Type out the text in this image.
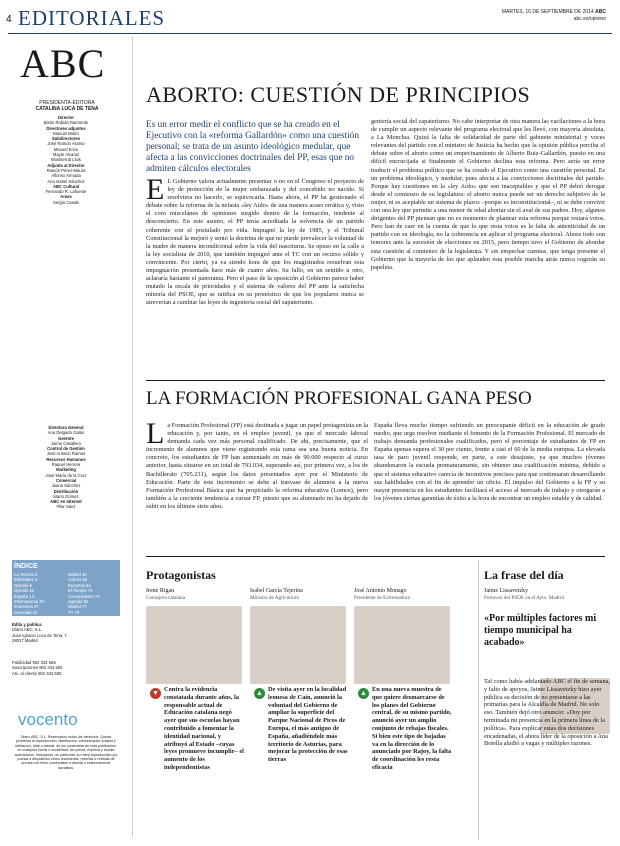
4 EDITORIALES	MARTES, 16 DE SEPTIEMBRE DE 2014 ABC
abc.es/opinion
ABC
PRESIDENTA-EDITORA
CATALINA LUCA DE TENA
Director
Bieito Rubido Ramonde
Directores adjuntos
Manuel Marín
Subdirectores
José Ramón Alonso
Manuel Erice
Mayte Alcaraz
Montserrat Lluis
Adjunta al Director
Ramón Pérez-Maura
Alfonso Armada
Ana Isabel Sánchez
ABC Cultural
Fernando R. Lafuente
Areas
Sergio Casals
Directora General
Ana Delgado Galán
Gerente
Jaime Caballero
Control de Gestión
José Antonio Ramos
Recursos Humanos
Raquel Herrera
Marketing
José María de la Cruz
Comercial
Juana Sánchez
Distribución
Mario Gómez
ABC en Internet
Pilar Sáez
ÍNDICE
La Tercera 3
Editoriales 4
Opinión 6
Opinión 12
España 14
Internacional 30
Economía 37
Sociedad 42
Madrid 46
Cultura 56
Deportes 64
El Tiempo 70
Comunidades 74
Agenda 82
Madrid 77
TV 79
Edita y publica
Diario ABC, S.L.
Juan Ignacio Luca de Tena, 7
28027 Madrid
Publicidad 902 334 556
Suscripciones 902 334 555
Atc. al cliente 902 334 555
vocento
Diario ABC, S.L. Reservados todos los derechos. Queda prohibida la reproducción, distribución, comunicación pública y utilización, total o parcial, de los contenidos de esta publicación, en cualquier forma o modalidad, sin previa, expresa y escrita autorización, incluyendo, en particular, su mera reproducción y/o puesta a disposición como resúmenes, reseñas o revistas de prensa con fines comerciales o directa o indirectamente lucrativos.
ABORTO: CUESTIÓN DE PRINCIPIOS
Es un error medir el conflicto que se ha creado en el Ejecutivo con la «reforma Gallardón» como una cuestión personal; se trata de un asunto ideológico medular, que afecta a las convicciones doctrinales del PP, esas que no admiten cálculos electorales
E L Gobierno valora actualmente presentar o no en el Congreso el proyecto de ley de protección de la mujer embarazada y del concebido no nacido. Si resolviera no hacerlo, se equivocaría. Hasta ahora, el PP ha gestionado el debate sobre la reforma de la nefasta «ley Aído» de una manera acaso errática y, visto el coro miscelánea de opiniones surgido dentro de la formación, tendente al desconcierto. En este asunto, el PP tenía acreditada la solvencia de un partido coherente con el postulado pro vida. Impugnó la ley de 1985, y el Tribunal Constitucional la mejoró y sentó la doctrina de que no puede prevalecer la voluntad de la madre de manera incondicional sobre la vida del nasciturus. Se opuso en la calle a la ley socialista de 2010, que también impugnó ante el TC con un recurso sólido y convincente. Por cierto, ya va siendo hora de que los magistrados resuelvan esta impugnación presentada hace más de cuatro años. Su fallo, en un sentido u otro, aclararía bastante el panorama. Pero el paso de la oposición al Gobierno parece haber mutado la escala de prioridades y el sistema de valores del PP ante la satisfecha minoría del PSOE, que se ratifica en su pronóstico de que los populares nunca se atreverían a cambiar las leyes de ingeniería social del zapaterismo.
geniería social del zapaterismo. No cabe interpretar de otra manera las vacilaciones a la hora de cumplir un aspecto relevante del programa electoral que les llevó, con mayoría absoluta, a La Moncloa. Quizá la falta de solidaridad de parte del gabinete ministerial y voces relevantes del partido con el ministro de Justicia ha hecho que la opinión pública perciba el debate sobre el aborto como un empecinamiento de Alberto Ruiz-Gallardón, puesto en una difícil encrucijada si finalmente el Gobierno declina esta reforma. Pero sería un error traducir el problema político que se ha creado el Ejecutivo como una cuestión personal. Es un problema ideológico, y medular, pues afecta a las convicciones doctrinales del partido. Porque hay cuestiones en la «ley Aído» que son inaceptables y que el PP debió derogar desde el comienzo de su legislatura: el aborto nunca puede ser un derecho subjetivo de la mujer, ni es aceptable un sistema de plazos –porque es inconstitucional–, ni se debe convivir con una ley que permite a una menor de edad abortar sin el aval de sus padres. Hoy, algunos dirigentes del PP piensan que no es momento de plantear esta reforma porque restará votos. Pero han de caer en la cuenta de que lo que resta votos es la falta de autenticidad de un partido con su ideología, no la coherencia en aplicar el programa electoral. Ahora todo son temores ante la sucesión de elecciones en 2015, pero tiempo tuvo el Gobierno de abordar esta cuestión al comienzo de la legislatura. Y sin empechar cuentas, que tenga presente el Gobierno que la mayoría de los que aplauden esta posible marcha atrás nunca cogerán su papeleta.
LA FORMACIÓN PROFESIONAL GANA PESO
La Formación Profesional (FP) está destinada a jugar un papel protagonista en la educación y, por tanto, en el empleo juvenil, ya que el mercado laboral demanda cada vez más personal cualificado. De ahí, precisamente, que el incremento de alumnos que viene registrando esta rama sea una buena noticia. En concreto, los estudiantes de FP han aumentado en más de 90.000 respecto al curso anterior, hasta situarse en un total de 793.034, superando así, por primera vez, a los de Bachillerato (705.231), según los datos presentados ayer por el Ministerio de Educación. Parte de este incremento se debe al trasvase de alumnos a la nueva Formación Profesional Básica que ha propiciado la reforma educativa (Lomce), pero también a la creciente tendencia a cursar FP, puesto que su alumnado no ha dejado de subir en los últimos siete años.
España lleva mucho tiempo sufriendo un preocupante déficit en la educación de grado medio, que urge resolver mediante el fomento de la Formación Profesional. El mercado de trabajo demanda profesionales cualificados, pero el porcentaje de estudiantes de FP en España apenas supera el 30 por ciento, frente a casi el 60 de la media europea. La elevada tasa de paro juvenil responde, en parte, a este desajuste, ya que muchos jóvenes abandonaron la escuela prematuramente, sin obtener una cualificación mínima, debido a que el sistema educativo carecía de incentivos precisos para que continuaran desarrollando sus habilidades con el fin de aprender un oficio. El impulso del Gobierno a la FP y su mayor presencia en los estudiantes facilitará el acceso al mercado de trabajo y otorgarán a los jóvenes ciertas garantías de éxito a la hora de encontrar un empleo estable y de calidad.
Protagonistas
Irene Rigau
Consejera catalana
▼
Contra la evidencia constatada durante años, la responsable actual de Educación catalana negó ayer que sus escuelas hayan contribuido a fomentar la identidad nacional, y atribuyó al Estado –cuyas leyes promueve incumplir– el aumento de los independentistas
Isabel García Tejerina
Ministra de Agricultura
▲
De visita ayer en la localidad leonesa de Caín, anunció la voluntad del Gobierno de ampliar la superficie del Parque Nacional de Picos de Europa, el más antiguo de España, añadiéndole más territorio de Asturias, para mejorar la protección de esas tierras
José Antonio Monago
Presidente de Extremadura
▲
En una nueva muestra de que quiere desmarcarse de los planes del Gobierno central, de su mismo partido, anunció ayer un amplio conjunto de rebajas fiscales. Si bien este tipo de bajadas va en la dirección de lo anunciado por Rajoy, la falta de coordinación les resta eficacia
La frase del día
Jaime Lissavetzky
Portavoz del PSOE en el Ayto. Madrid
«Por múltiples factores mi tiempo municipal ha acabado»
Tal como había adelantado ABC el fin de semana, y falto de apoyos, Jaime Lissavetzky hizo ayer pública su decisión de no presentarse a las primarias para la Alcaldía de Madrid. No solo eso. También dejó otro anuncio: «Doy por terminada mi presencia en la primera línea de la política». Para explicar estas dos decisiones encadenadas, el ahora líder de la oposición a Ana Botella aludió a vagas y múltiples razones.
